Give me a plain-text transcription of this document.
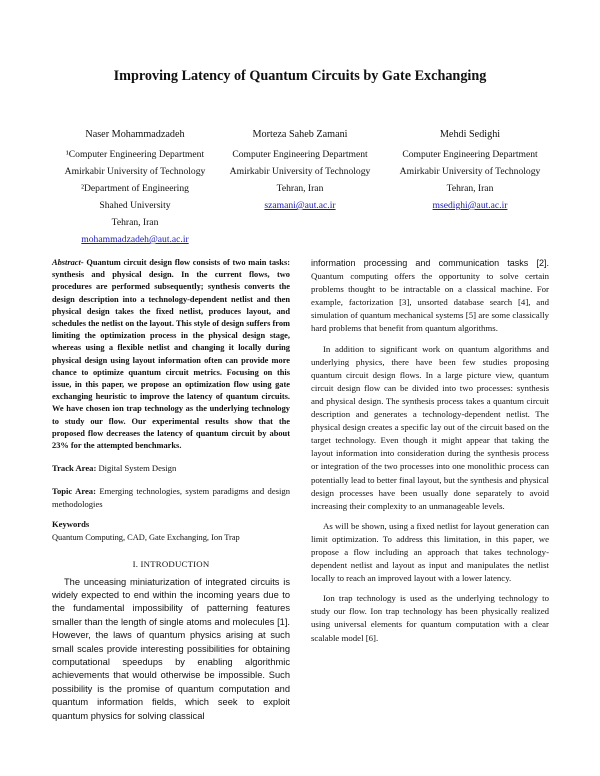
Improving Latency of Quantum Circuits by Gate Exchanging
Naser Mohammadzadeh
¹Computer Engineering Department
Amirkabir University of Technology
²Department of Engineering
Shahed University
Tehran, Iran
mohammadzadeh@aut.ac.ir
Morteza Saheb Zamani
Computer Engineering Department
Amirkabir University of Technology
Tehran, Iran
szamani@aut.ac.ir
Mehdi Sedighi
Computer Engineering Department
Amirkabir University of Technology
Tehran, Iran
msedighi@aut.ac.ir
Abstract- Quantum circuit design flow consists of two main tasks: synthesis and physical design. In the current flows, two procedures are performed subsequently; synthesis converts the design description into a technology-dependent netlist and then physical design takes the fixed netlist, produces layout, and schedules the netlist on the layout. This style of design suffers from limiting the optimization process in the physical design stage, whereas using a flexible netlist and changing it locally during physical design using layout information often can provide more chance to optimize quantum circuit metrics. Focusing on this issue, in this paper, we propose an optimization flow using gate exchanging heuristic to improve the latency of quantum circuits. We have chosen ion trap technology as the underlying technology to study our flow. Our experimental results show that the proposed flow decreases the latency of quantum circuit by about 23% for the attempted benchmarks.
Track Area: Digital System Design
Topic Area: Emerging technologies, system paradigms and design methodologies
Keywords
Quantum Computing, CAD, Gate Exchanging, Ion Trap
I. INTRODUCTION
The unceasing miniaturization of integrated circuits is widely expected to end within the incoming years due to the fundamental impossibility of patterning features smaller than the length of single atoms and molecules [1]. However, the laws of quantum physics arising at such small scales provide interesting possibilities for obtaining computational speedups by enabling algorithmic achievements that would otherwise be impossible. Such possibility is the promise of quantum computation and quantum information fields, which seek to exploit quantum physics for solving classical

information processing and communication tasks [2]. Quantum computing offers the opportunity to solve certain problems thought to be intractable on a classical machine. For example, factorization [3], unsorted database search [4], and simulation of quantum mechanical systems [5] are some classically hard problems that benefit from quantum algorithms.

In addition to significant work on quantum algorithms and underlying physics, there have been few studies proposing quantum circuit design flows. In a large picture view, quantum circuit design flow can be divided into two processes: synthesis and physical design. The synthesis process takes a quantum circuit description and generates a technology-dependent netlist. The physical design creates a specific lay out of the circuit based on the target technology. Even though it might appear that taking the layout information into consideration during the synthesis process or integration of the two processes into one monolithic process can potentially lead to better final layout, but the synthesis and physical design processes have been usually done separately to avoid increasing their complexity to an unmanageable levels.

As will be shown, using a fixed netlist for layout generation can limit optimization. To address this limitation, in this paper, we propose a flow including an approach that takes technology-dependent netlist and layout as input and manipulates the netlist locally to reach an improved layout with a lower latency.

Ion trap technology is used as the underlying technology to study our flow. Ion trap technology has been physically realized using universal elements for quantum computation with a clear scalable model [6].
